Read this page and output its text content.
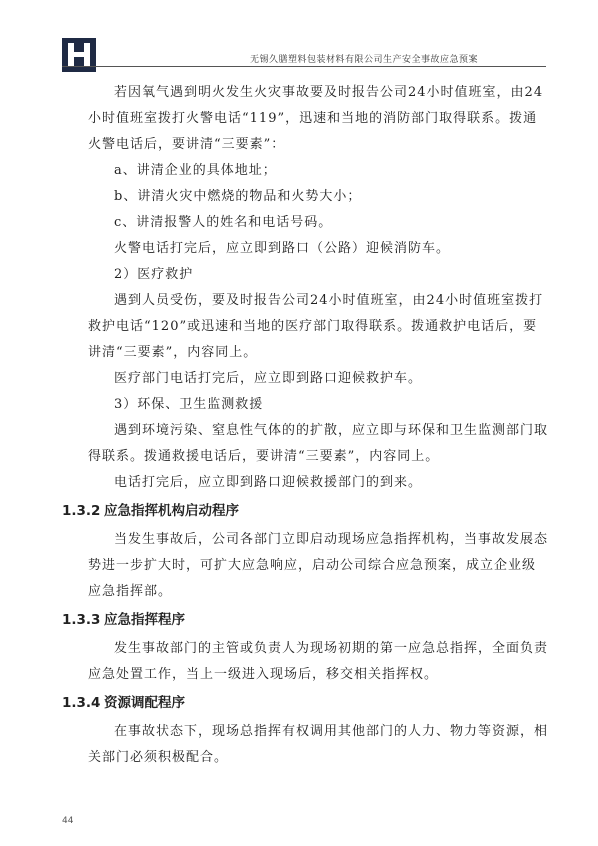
无锡久膳塑料包装材料有限公司生产安全事故应急预案

若因氧气遇到明火发生火灾事故要及时报告公司24小时值班室，由24小时值班室拨打火警电话“119”，迅速和当地的消防部门取得联系。拨通火警电话后，要讲清“三要素”：

a、讲清企业的具体地址；

b、讲清火灾中燃烧的物品和火势大小；

c、讲清报警人的姓名和电话号码。

火警电话打完后，应立即到路口（公路）迎候消防车。

2）医疗救护

遇到人员受伤，要及时报告公司24小时值班室，由24小时值班室拨打救护电话“120”或迅速和当地的医疗部门取得联系。拨通救护电话后，要讲清“三要素”，内容同上。

医疗部门电话打完后，应立即到路口迎候救护车。

3）环保、卫生监测救援

遇到环境污染、窒息性气体的的扩散，应立即与环保和卫生监测部门取得联系。拨通救援电话后，要讲清“三要素”，内容同上。

电话打完后，应立即到路口迎候救援部门的到来。

1.3.2 应急指挥机构启动程序

当发生事故后，公司各部门立即启动现场应急指挥机构，当事故发展态势进一步扩大时，可扩大应急响应，启动公司综合应急预案，成立企业级应急指挥部。

1.3.3 应急指挥程序

发生事故部门的主管或负责人为现场初期的第一应急总指挥，全面负责应急处置工作，当上一级进入现场后，移交相关指挥权。

1.3.4 资源调配程序

在事故状态下，现场总指挥有权调用其他部门的人力、物力等资源，相关部门必须积极配合。

44
